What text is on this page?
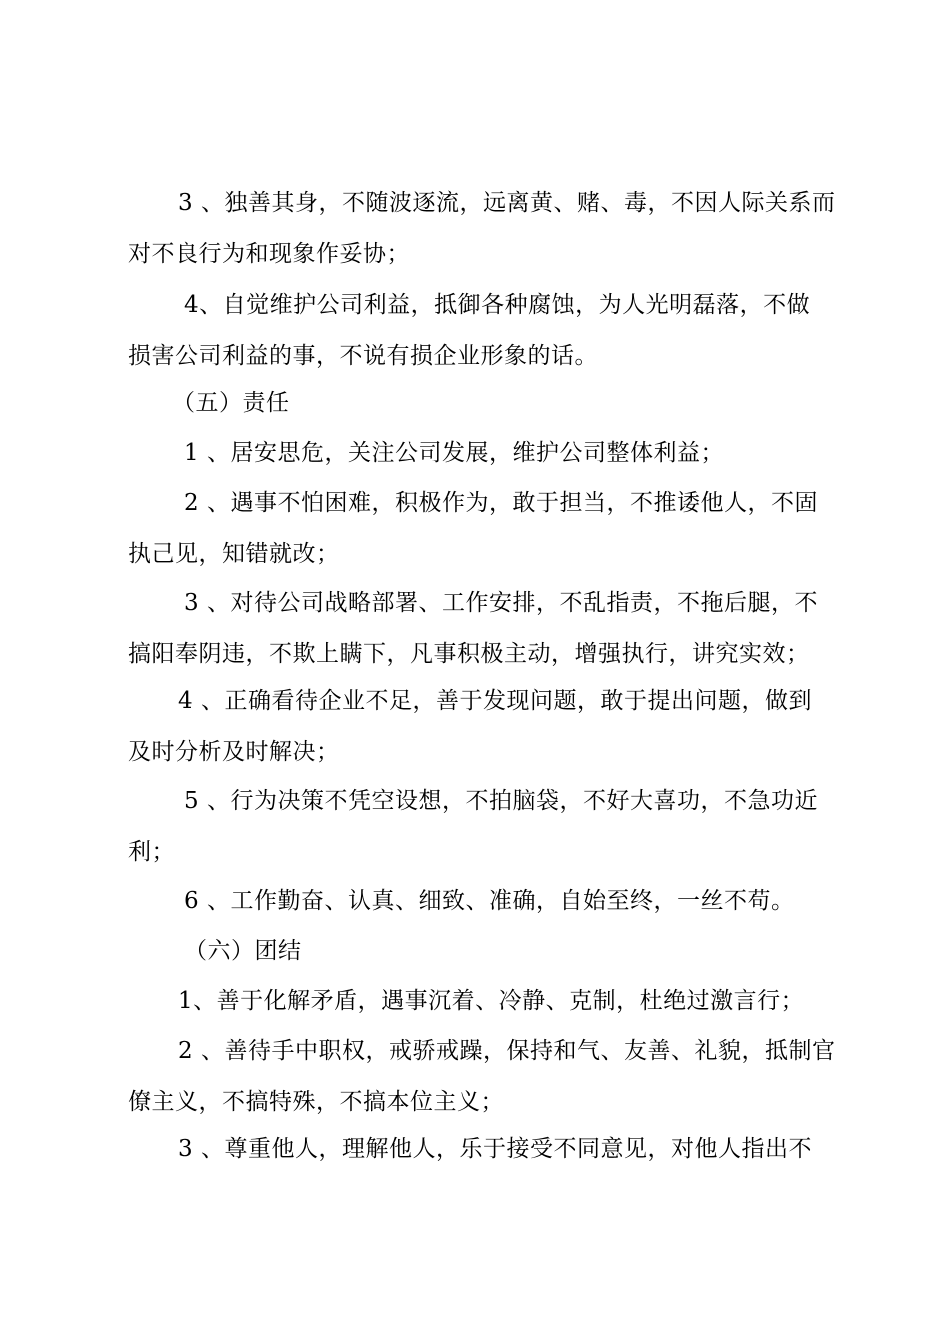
3 、独善其身，不随波逐流，远离黄、赌、毒，不因人际关系而
对不良行为和现象作妥协；
4、自觉维护公司利益，抵御各种腐蚀，为人光明磊落，不做
损害公司利益的事，不说有损企业形象的话。
（五）责任
1 、居安思危，关注公司发展，维护公司整体利益；
2 、遇事不怕困难，积极作为，敢于担当，不推诿他人，不固
执己见，知错就改；
3 、对待公司战略部署、工作安排，不乱指责，不拖后腿，不
搞阳奉阴违，不欺上瞒下，凡事积极主动，增强执行，讲究实效；
4 、正确看待企业不足，善于发现问题，敢于提出问题，做到
及时分析及时解决；
5 、行为决策不凭空设想，不拍脑袋，不好大喜功，不急功近
利；
6 、工作勤奋、认真、细致、准确，自始至终，一丝不苟。
（六）团结
1、善于化解矛盾，遇事沉着、冷静、克制，杜绝过激言行；
2 、善待手中职权，戒骄戒躁，保持和气、友善、礼貌，抵制官
僚主义，不搞特殊，不搞本位主义；
3 、尊重他人，理解他人，乐于接受不同意见，对他人指出不
